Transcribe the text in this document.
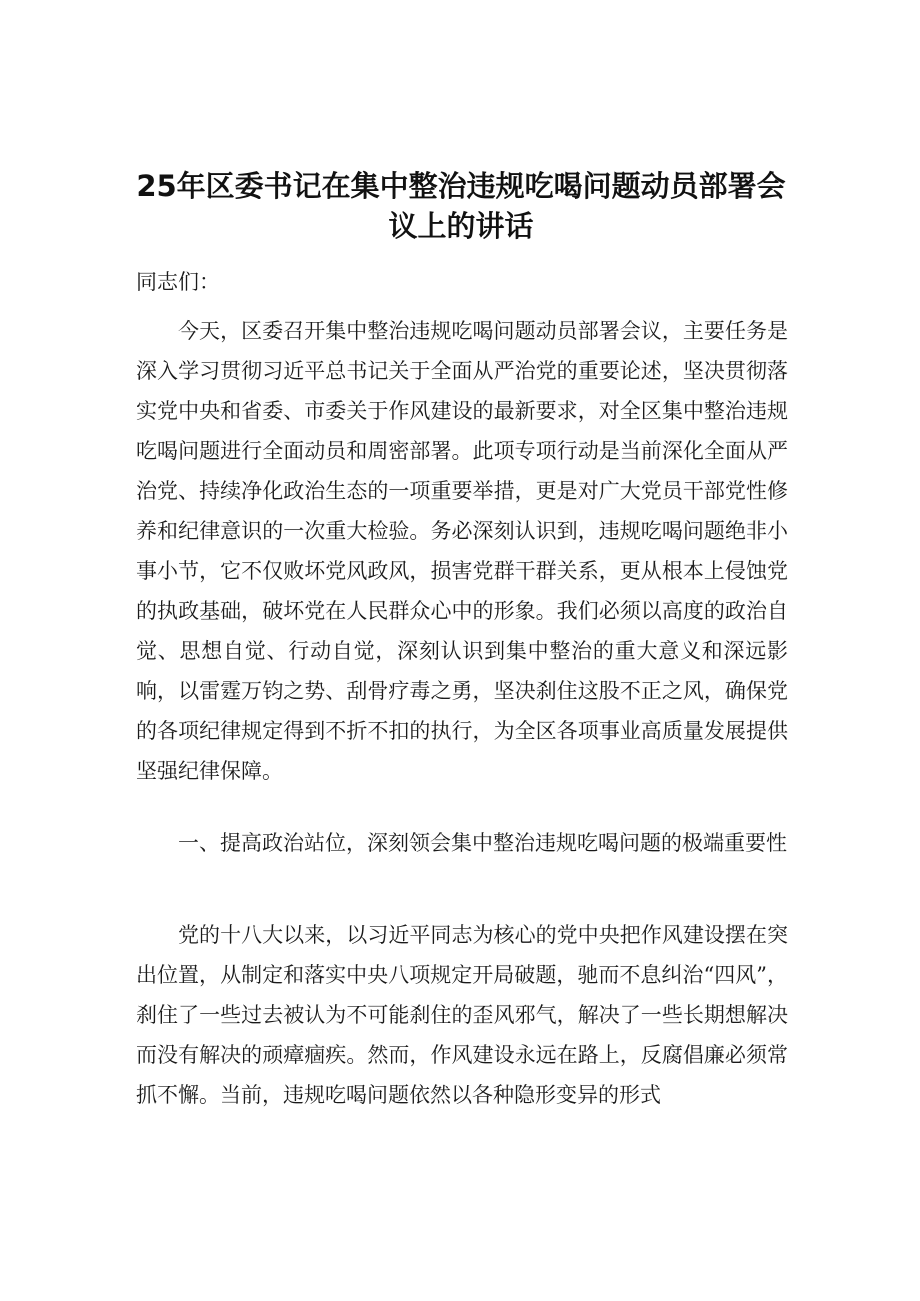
25年区委书记在集中整治违规吃喝问题动员部署会议上的讲话

同志们：

今天，区委召开集中整治违规吃喝问题动员部署会议，主要任务是深入学习贯彻习近平总书记关于全面从严治党的重要论述，坚决贯彻落实党中央和省委、市委关于作风建设的最新要求，对全区集中整治违规吃喝问题进行全面动员和周密部署。此项专项行动是当前深化全面从严治党、持续净化政治生态的一项重要举措，更是对广大党员干部党性修养和纪律意识的一次重大检验。务必深刻认识到，违规吃喝问题绝非小事小节，它不仅败坏党风政风，损害党群干群关系，更从根本上侵蚀党的执政基础，破坏党在人民群众心中的形象。我们必须以高度的政治自觉、思想自觉、行动自觉，深刻认识到集中整治的重大意义和深远影响，以雷霆万钧之势、刮骨疗毒之勇，坚决刹住这股不正之风，确保党的各项纪律规定得到不折不扣的执行，为全区各项事业高质量发展提供坚强纪律保障。

一、提高政治站位，深刻领会集中整治违规吃喝问题的极端重要性

党的十八大以来，以习近平同志为核心的党中央把作风建设摆在突出位置，从制定和落实中央八项规定开局破题，驰而不息纠治“四风”，刹住了一些过去被认为不可能刹住的歪风邪气，解决了一些长期想解决而没有解决的顽瘴痼疾。然而，作风建设永远在路上，反腐倡廉必须常抓不懈。当前，违规吃喝问题依然以各种隐形变异的形式
